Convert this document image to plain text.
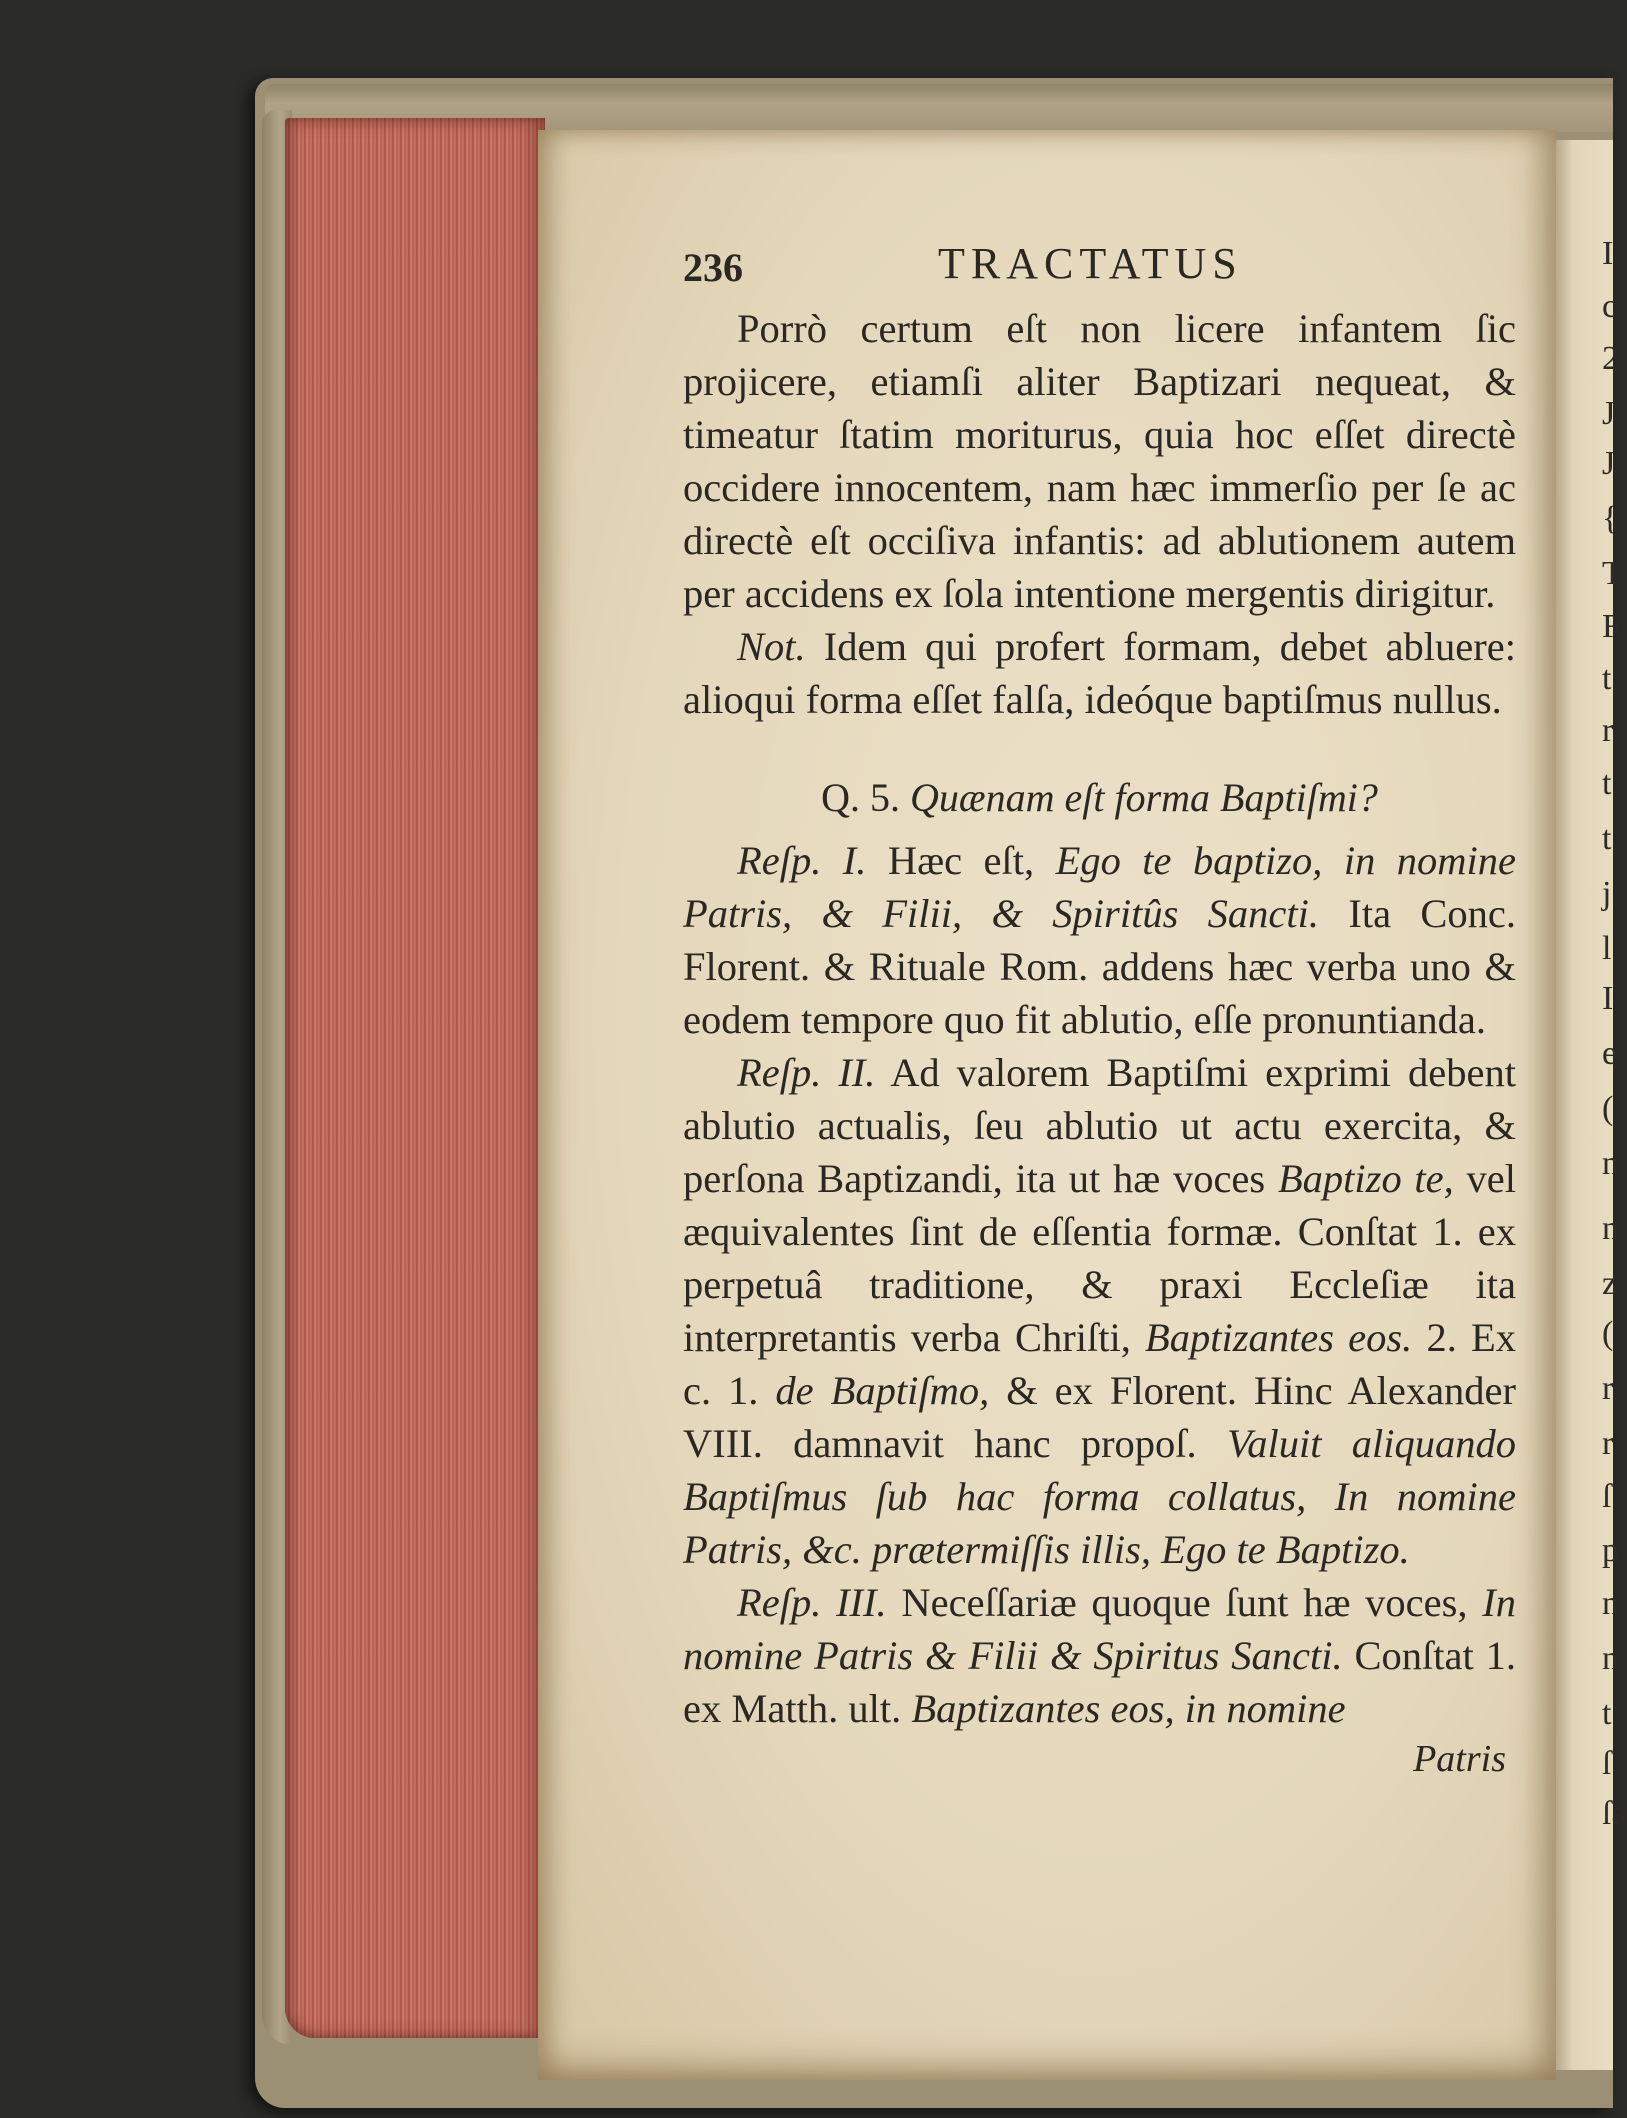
I
c
2
J
J
{
T
F
t
r
t
t
j
l
I
e
(
n
n
z
(
r
r
ſ
p
n
n
t
ſ
ſa
236	TRACTATUS

Porrò certum eſt non licere infantem ſic projicere, etiamſi aliter Baptizari nequeat, & timeatur ſtatim moriturus, quia hoc eſſet directè occidere innocentem, nam hæc immerſio per ſe ac directè eſt occiſiva infantis: ad ablutionem autem per accidens ex ſola intentione mergentis dirigitur.

Not. Idem qui profert formam, debet abluere: alioqui forma eſſet falſa, ideóque baptiſmus nullus.

Q. 5. Quænam eſt forma Baptiſmi?

Reſp. I. Hæc eſt, Ego te baptizo, in nomine Patris, & Filii, & Spiritûs Sancti. Ita Conc. Florent. & Rituale Rom. addens hæc verba uno & eodem tempore quo fit ablutio, eſſe pronuntianda.

Reſp. II. Ad valorem Baptiſmi exprimi debent ablutio actualis, ſeu ablutio ut actu exercita, & perſona Baptizandi, ita ut hæ voces Baptizo te, vel æquivalentes ſint de eſſentia formæ. Conſtat 1. ex perpetuâ traditione, & praxi Eccleſiæ ita interpretantis verba Chriſti, Baptizantes eos. 2. Ex c. 1. de Baptiſmo, & ex Florent. Hinc Alexander VIII. damnavit hanc propoſ. Valuit aliquando Baptiſmus ſub hac forma collatus, In nomine Patris, &c. prætermiſſis illis, Ego te Baptizo.

Reſp. III. Neceſſariæ quoque ſunt hæ voces, In nomine Patris & Filii & Spiritus Sancti. Conſtat 1. ex Matth. ult. Baptizantes eos, in nomine

Patris
